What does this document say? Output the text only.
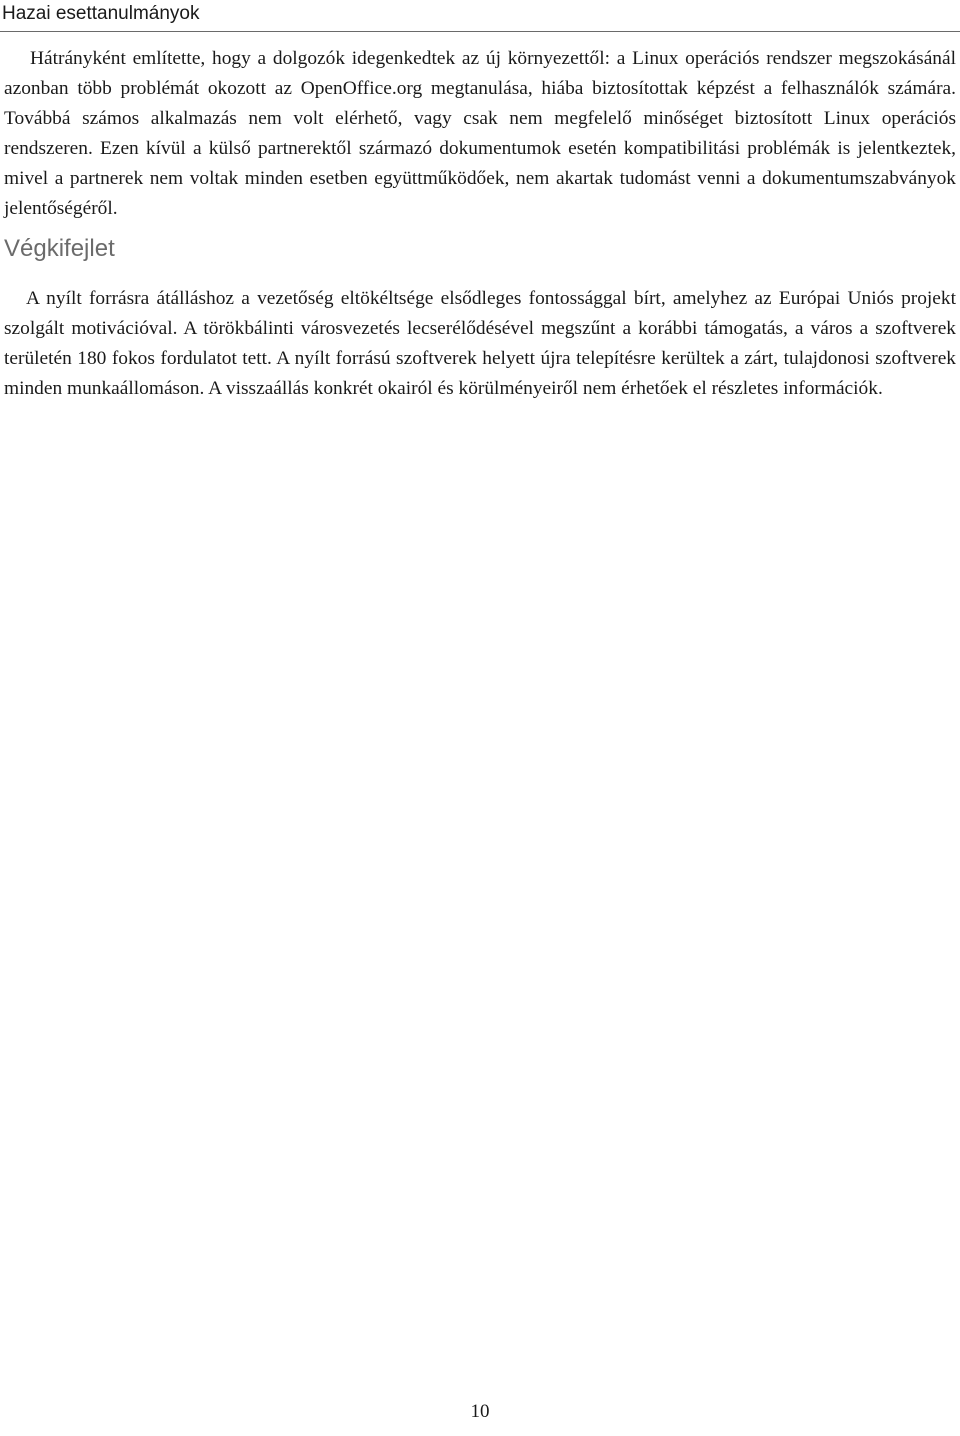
Hazai esettanulmányok

Hátrányként említette, hogy a dolgozók idegenkedtek az új környezettől: a Linux operációs rendszer megszokásánál azonban több problémát okozott az OpenOffice.org megtanulása, hiába biztosítottak képzést a felhasználók számára. Továbbá számos alkalmazás nem volt elérhető, vagy csak nem megfelelő minőséget biztosított Linux operációs rendszeren. Ezen kívül a külső partnerektől származó dokumentumok esetén kompatibilitási problémák is jelentkeztek, mivel a partnerek nem voltak minden esetben együttműködőek, nem akartak tudomást venni a dokumentumszabványok jelentőségéről.

Végkifejlet

A nyílt forrásra átálláshoz a vezetőség eltökéltsége elsődleges fontossággal bírt, amelyhez az Európai Uniós projekt szolgált motivációval. A törökbálinti városvezetés lecserélődésével megszűnt a korábbi támogatás, a város a szoftverek területén 180 fokos fordulatot tett. A nyílt forrású szoftverek helyett újra telepítésre kerültek a zárt, tulajdonosi szoftverek minden munkaállomáson. A visszaállás konkrét okairól és körülményeiről nem érhetőek el részletes információk.

10
